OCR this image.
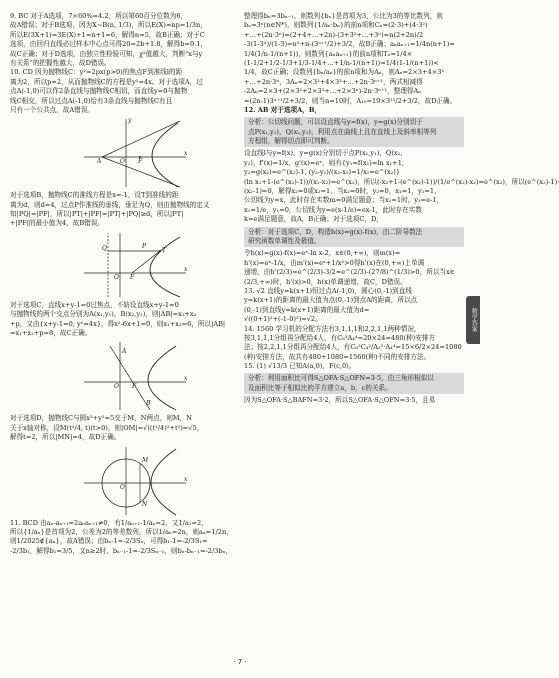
9. BC 对于A选项，7×60%=4.2，所以第60百分位数为6，
故A错误；对于B选项，因为X~B(n, 1/3)，所以E(X)=np=1/3n，
所以E(3X+1)=3E(X)+1=n+1=6，解得n=5，故B正确；对于C
选项，由回归直线必过样本中心点可得20=2b+1.8，解得b=9.1，
故C正确；对于D选项，由独立性检验可知，χ²值越大，判断"x与y
有关系"的把握性越大，故D错误。
10. CD 因为抛物线C：y²=2px(p>0)的焦点F到准线l的距
离为2，所以p=2，从而抛物线C的方程是y²=4x。对于选项A，过
点A(-1,0)可以作2条直线与抛物线C相切，而直线y=0与抛物
线C相交，所以过点A(-1,0)恰有3条直线与抛物线C有且
只有一个公共点，故A错误。
A	O F
x
y
对于选项B，抛物线C的准线方程是x=-1，设T到准线的距
离为d，则d=4，过点P作准线的垂线，垂足为Q，则由抛物线的定义
知|PQ|=|PF|，所以|PT|+|PF|=|PT|+|PQ|≥d，所以|PT|
+|PF|的最小值为4，故B错误。
Q	P
T
O F
x
对于选项C，直线x+y-1=0过焦点，不妨设直线x+y-1=0
与抛物线的两个交点分别为A(x₁,y₁)，B(x₂,y₂)，则|AB|=x₁+x₂
+p，又由{x+y-1=0, y²=4x}，得x²-6x+1=0，则x₁+x₂=6，所以|AB|
=x₁+x₂+p=8，故C正确。
A
O F
B
x
对于选项D，抛物线C与圆x²+y²=5交于M，N两点，则M，N
关于x轴对称，设M(t²/4, t)(t>0)，则|OM|=√((t²/4)²+t²)=√5，
解得t=2，所以|MN|=4，故D正确。
M
N
O
x
11. BCD 由aₙ-aₙ₊₁=2aₙaₙ₊₁≠0，有1/aₙ₊₁-1/aₙ=2，又1/a₁=2，
所以{1/aₙ}是首项为2，公差为2的等差数列，所以1/aₙ=2n，则aₙ=1/2n，
则1/2025∉{aₙ}，故A错误；由bₙ-1=-2/3Sₙ，可得b₁-1=-2/3S₁=
-2/3b₁，解得b₁=3/5，又n≥2时，bₙ₋₁-1=-2/3Sₙ₋₁，则bₙ-bₙ₋₁=-2/3bₙ，
整理得bₙ=3bₙ₋₁，则数列{bₙ}是首项为3，公比为3的等比数列，则
bₙ=3ⁿ(n∈N*)，则数列{1/aₙ·bₙ}的前n项和Cₙ=(2·3)+(4·3²)
+…+(2n·3ⁿ)=(2+4+…+2n)-(3+3²+…+3ⁿ)=n(2+2n)/2
-3(1-3ⁿ)/(1-3)=n²+n-(3ⁿ⁺¹/2)+3/2，故B正确；aₙaₙ₊₁=1/4n(n+1)=
1/4(1/n-1/(n+1))，则数列{aₙaₙ₊₁}的前n项和Tₙ=1/4×
(1-1/2+1/2-1/3+1/3-1/4+…+1/n-1/(n+1))=1/4(1-1/(n+1))<
1/4，故C正确；设数列{bₙ/aₙ}的前n项和为Aₙ，则Aₙ=2×3+4×3²
+…+2n·3ⁿ，3Aₙ=2×3²+4×3³+…+2n·3ⁿ⁺¹，两式相减得
-2Aₙ=2×3+(2×3²+2×3³+…+2×3ⁿ)-2n·3ⁿ⁺¹，整理得Aₙ
=(2n-1)3ⁿ⁺¹/2+3/2，则当n=10时，A₁₀=19×3¹¹/2+3/2，故D正确。
12. AB 对于选项A，B，
分析：公切线问题，可以设直线与y=f(x)，y=g(x)分别切于
点P(x₁,y₁)，Q(x₂,y₂)，利用点在曲线上且在直线上及斜率相等列
方程组，解得切点即可判断。
设直线l与y=f(x)，y=g(x)分别切于点P(x₁,y₁)，Q(x₂,
y₂)，f'(x)=1/x，g'(x)=eˣ，则有{y₁=f(x₁)=ln x₁+1,
y₂=g(x₂)=e^(x₂)-1, (y₂-y₁)/(x₂-x₁)=1/x₁=e^(x₂)}
(ln x₁+1-(e^(x₂)-1))/(x₁-x₂)=e^(x₂)，所以(-x₂+1-(e^(x₂)-1))/(1/e^(x₂)-x₂)=e^(x₂)，所以(e^(x₂)-1)·
(x₂-1)=0，解得x₂=0或x₂=1，当x₂=0时，y₂=0，x₁=1，y₁=1，
公切线为y=x，此时存在实数m=0满足题意；当x₂=1时，y₂=e-1，
x₁=1/e，y₁=0，公切线为y=e(x-1/e)=ex-1，此时存在实数
k=e满足题意，故A，B正确；对于选项C，D，
分析：对于选项C，D，构造h(x)=g(x)-f(x)，由二阶导数法
研究函数单调性及极值。
令h(x)=g(x)-f(x)=eˣ-ln x-2，x∈(0,+∞)，则m(x)=
h'(x)=eˣ-1/x，由m'(x)=eˣ+1/x²>0得h'(x)在(0,+∞)上单调
递增，由h'(2/3)=e^(2/3)-3/2≈e^(2/3)-(27/8)^(1/3)>0，所以当x∈
(2/3,+∞)时，h'(x)>0，h(x)单调递增，故C，D错误。
13. √2 直线y=k(x+1)恒过点A(-1,0)，圆心(0,-1)到直线
y=k(x+1)的距离的最大值为点(0,-1)到点A的距离，所以点
(0,-1)到直线y=k(x+1)距离的最大值为d=
√((0+1)²+(-1-0)²)=√2。
14. 1560 学习机的分配方法有3,1,1,1和2,2,1,1两种情况，
按3,1,1,1分组再分配给4人，有C₆³A₄⁴=20×24=480(种)安排方
法；按2,2,1,1分组再分配给4人，有C₆²C₄²/A₂²·A₄⁴=15×6/2×24=1080
(种)安排方法，故共有480+1080=1560(种)不同的安排方法。
15. (1) √13/3 已知A(a,0)，F(c,0)。
分析：利用面积比可得S△OFA·S△OFN=3·5，由三角形相似以
及面积比等于相似比的平方建立a，b，c的关系。
因为S△OFA·S△BAFN=3·2，所以S△OFA·S△OFN=3·5，且易
数学答案
· 7 ·
